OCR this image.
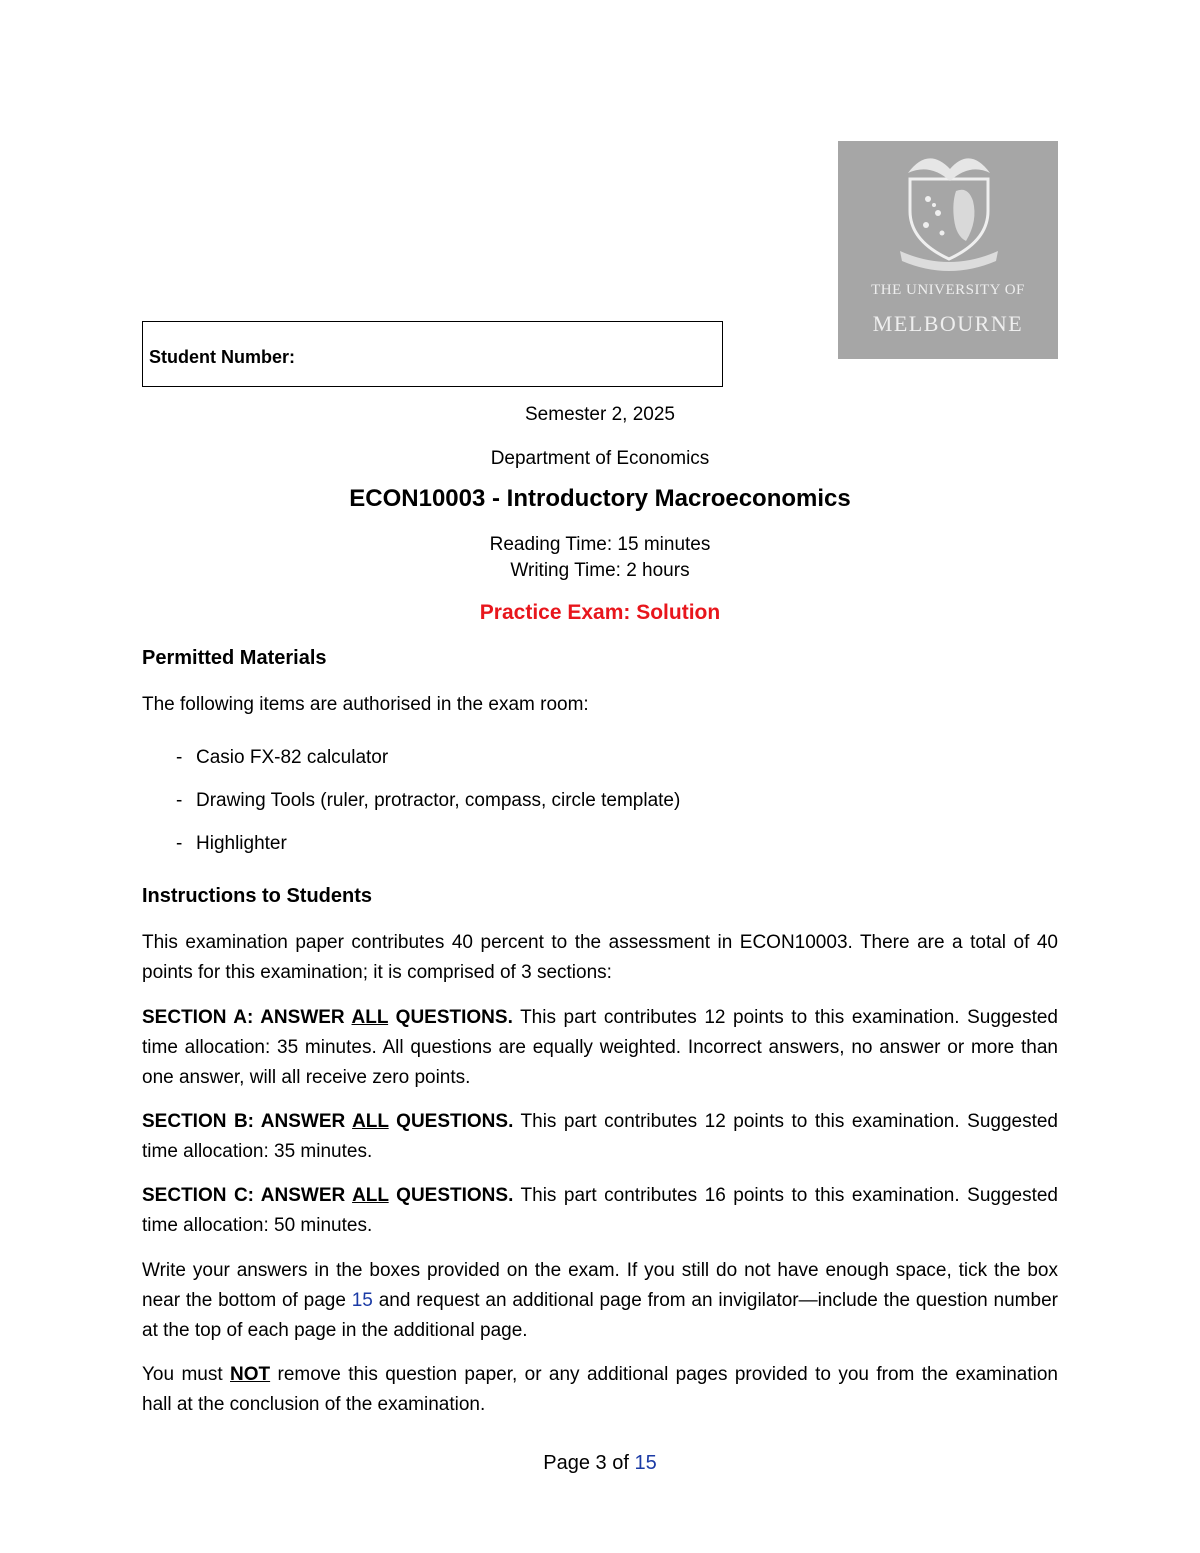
THE UNIVERSITY OF
MELBOURNE
Student Number:
Semester 2, 2025
Department of Economics
ECON10003 - Introductory Macroeconomics
Reading Time: 15 minutes
Writing Time: 2 hours
Practice Exam: Solution
Permitted Materials
The following items are authorised in the exam room:
- Casio FX-82 calculator
- Drawing Tools (ruler, protractor, compass, circle template)
- Highlighter
Instructions to Students
This examination paper contributes 40 percent to the assessment in ECON10003. There are a total of 40 points for this examination; it is comprised of 3 sections:
SECTION A: ANSWER ALL QUESTIONS. This part contributes 12 points to this examination. Suggested time allocation: 35 minutes. All questions are equally weighted. Incorrect answers, no answer or more than one answer, will all receive zero points.
SECTION B: ANSWER ALL QUESTIONS. This part contributes 12 points to this examination. Suggested time allocation: 35 minutes.
SECTION C: ANSWER ALL QUESTIONS. This part contributes 16 points to this examination. Suggested time allocation: 50 minutes.
Write your answers in the boxes provided on the exam. If you still do not have enough space, tick the box near the bottom of page 15 and request an additional page from an invigilator—include the question number at the top of each page in the additional page.
You must NOT remove this question paper, or any additional pages provided to you from the examination hall at the conclusion of the examination.
Page 3 of 15
